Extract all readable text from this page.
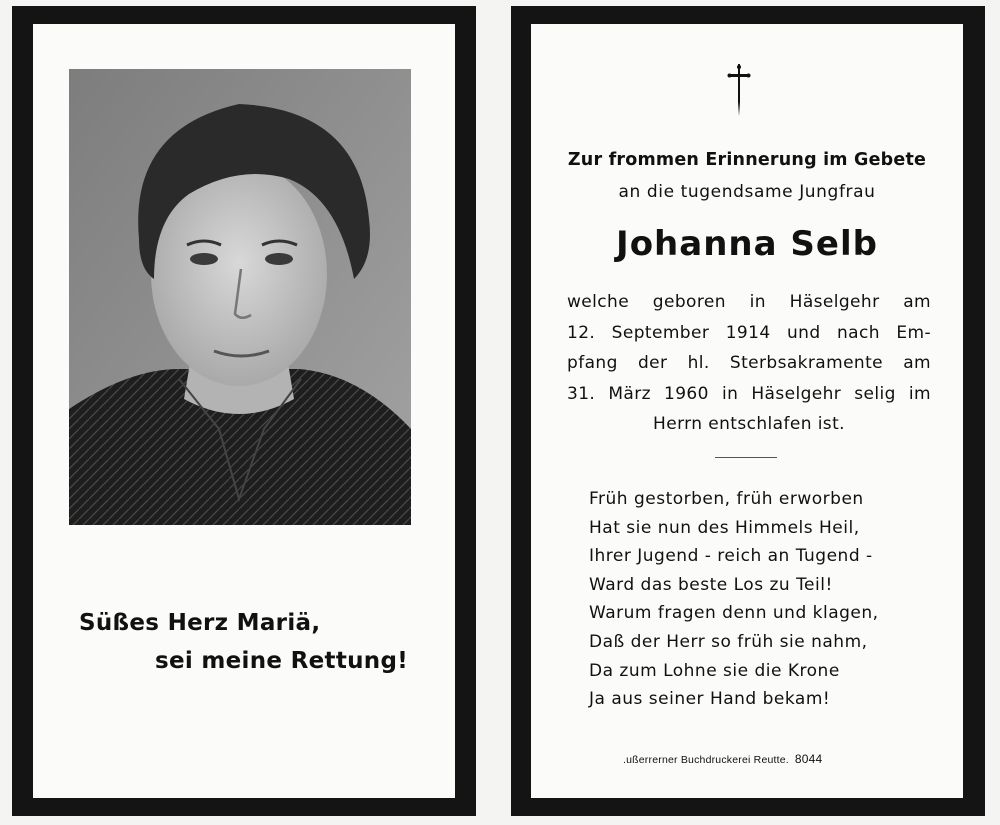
Süßes Herz Mariä,
sei meine Rettung!
Zur frommen Erinnerung im Gebete
an die tugendsame Jungfrau
Johanna Selb
welche geboren in Häselgehr am
12. September 1914 und nach Em-
pfang der hl. Sterbsakramente am
31. März 1960 in Häselgehr selig im
Herrn entschlafen ist.
Früh gestorben, früh erworben
Hat sie nun des Himmels Heil,
Ihrer Jugend - reich an Tugend -
Ward das beste Los zu Teil!
Warum fragen denn und klagen,
Daß der Herr so früh sie nahm,
Da zum Lohne sie die Krone
Ja aus seiner Hand bekam!
.ußerrerner Buchdruckerei Reutte. 8044
